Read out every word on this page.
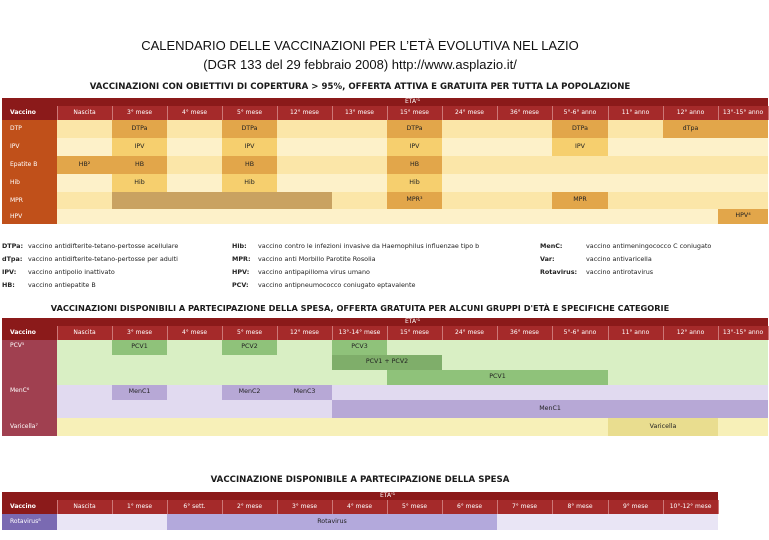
CALENDARIO DELLE VACCINAZIONI PER L’ETÀ EVOLUTIVA NEL LAZIO
(DGR 133 del 29 febbraio 2008) http://www.asplazio.it/
VACCINAZIONI CON OBIETTIVI DI COPERTURA > 95%, OFFERTA ATTIVA E GRATUITA PER TUTTA LA POPOLAZIONE
	ETA'¹												
Vaccino	Nascita	3° mese	4° mese	5° mese	12° mese	13° mese	15° mese	24° mese	36° mese	5°-6° anno	11° anno	12° anno	13°-15° anno
DTP		DTPa		DTPa			DTPa			DTPa		dTpa	
IPV		IPV		IPV			IPV			IPV			
Epatite B	HB²	HB		HB			HB						
Hib		Hib		Hib			Hib						
MPR							MPR³			MPR			
HPV													HPV⁴
DTPa: vaccino antidifterite-tetano-pertosse acellulare
dTpa: vaccino antidifterite-tetano-pertosse per adulti
IPV:	vaccino antipolio inattivato
HB:	vaccino antiepatite B
Hib:	vaccino contro le infezioni invasive da Haemophilus influenzae tipo b
MPR:	vaccino anti Morbillo Parotite Rosolia
HPV:	vaccino antipapilloma virus umano
PCV:	vaccino antipneumococco coniugato eptavalente
MenC:	vaccino antimeningococco C coniugato
Var:	vaccino antivaricella
Rotavirus:	vaccino antirotavirus
VACCINAZIONI DISPONIBILI A PARTECIPAZIONE DELLA SPESA, OFFERTA GRATUITA PER ALCUNI GRUPPI D'ETÀ E SPECIFICHE CATEGORIE
	ETA'¹												
Vaccino	Nascita	3° mese	4° mese	5° mese	12° mese	13°-14° mese	15° mese	24° mese	36° mese	5°-6° anno	11° anno	12° anno	13°-15° anno
PCV⁵		PCV1		PCV2		PCV3							
						PCV1 + PCV2							
							PCV1						
MenC⁶		MenC1		MenC2	MenC3								
						MenC1							
Varicella⁷											Varicella		
VACCINAZIONE DISPONIBILE A PARTECIPAZIONE DELLA SPESA
	ETA'¹											
Vaccino	Nascita	1° mese	6° sett.	2° mese	3° mese	4° mese	5° mese	6° mese	7° mese	8° mese	9° mese	10°-12° mese
Rotavirus⁸			Rotavirus									
